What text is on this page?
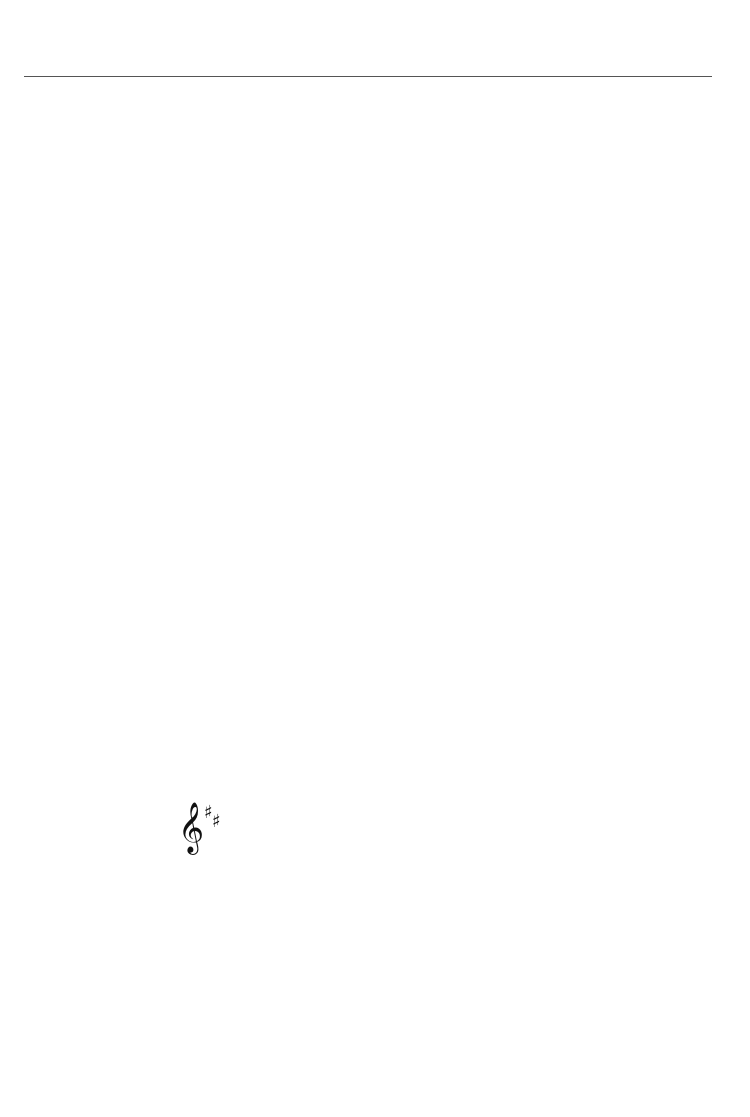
𝄞 ♯ ♯
